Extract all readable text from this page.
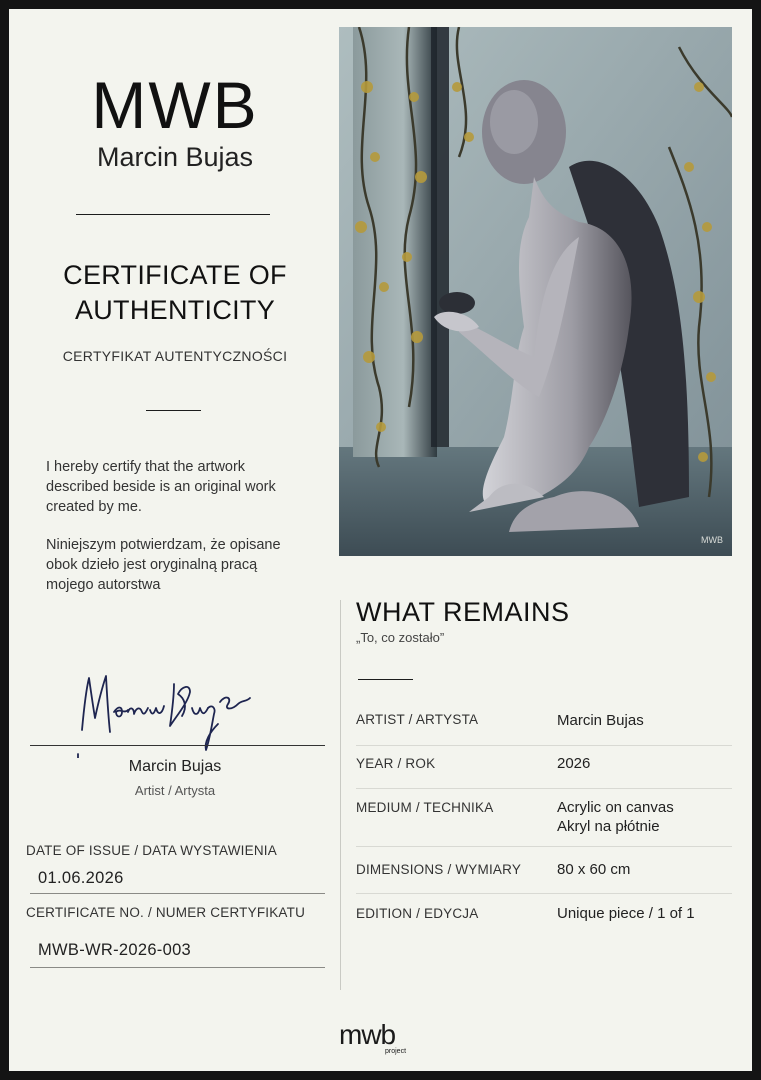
MWB
Marcin Bujas
CERTIFICATE OF
AUTHENTICITY
CERTYFIKAT AUTENTYCZNOŚCI
I hereby certify that the artwork
described beside is an original work
created by me.
Niniejszym potwierdzam, że opisane
obok dzieło jest oryginalną pracą
mojego autorstwa
Marcin Bujas
Artist / Artysta
DATE OF ISSUE / DATA WYSTAWIENIA
01.06.2026
CERTIFICATE NO. / NUMER CERTYFIKATU
MWB-WR-2026-003
MWB
WHAT REMAINS
„To, co zostało”
ARTIST / ARTYSTA	Marcin Bujas
YEAR / ROK	2026
MEDIUM / TECHNIKA	Acrylic on canvas
Akryl na płótnie
DIMENSIONS / WYMIARY 80 x 60 cm
EDITION / EDYCJA	Unique piece / 1 of 1
mwb
project
